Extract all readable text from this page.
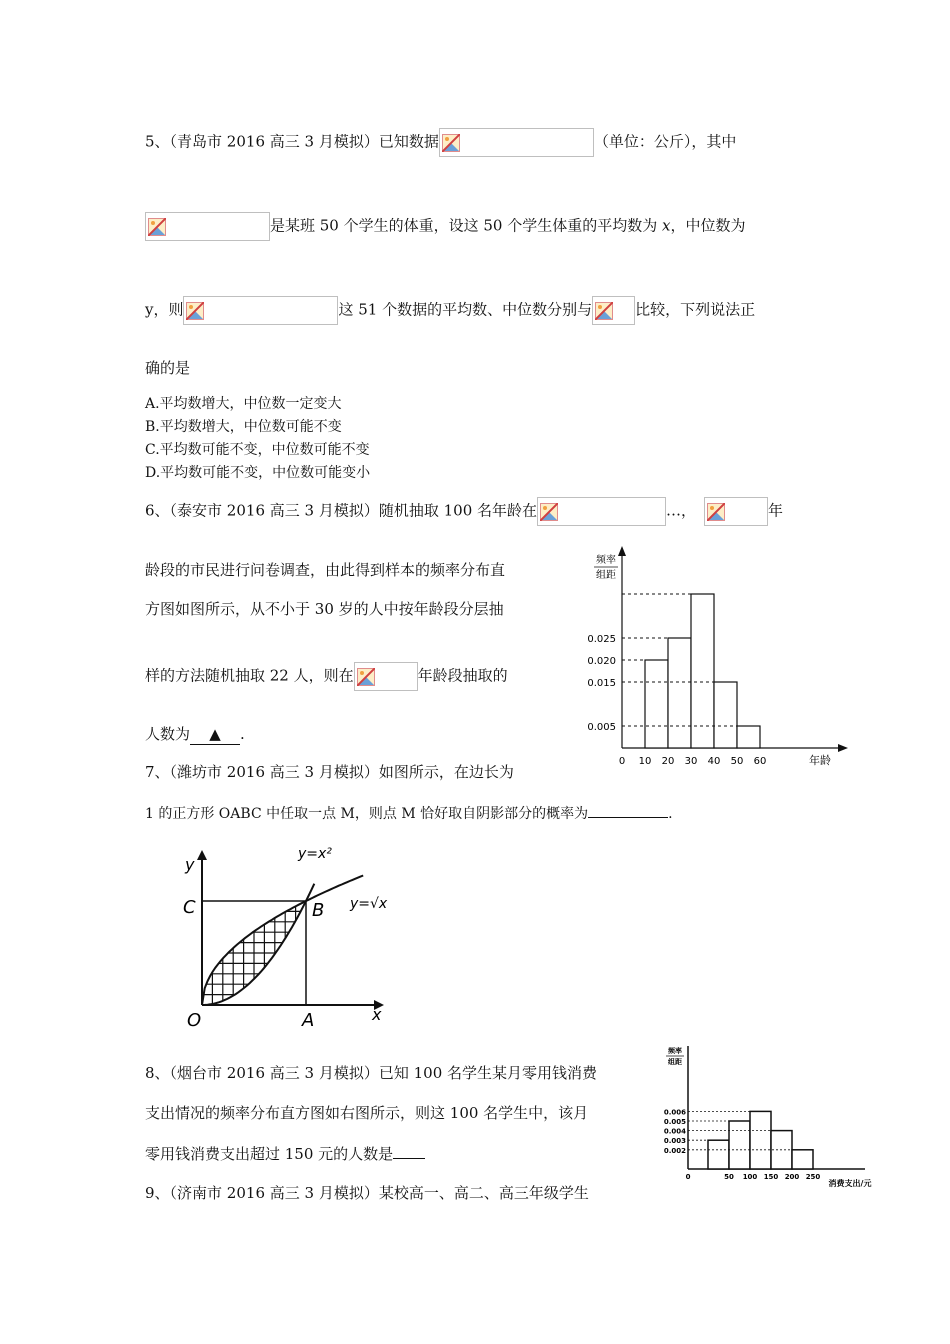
5、（青岛市 2016 高三 3 月模拟）已知数据	（单位：公斤），其中
是某班 50 个学生的体重，设这 50 个学生体重的平均数为 x，中位数为
y，则	这 51 个数据的平均数、中位数分别与	比较，下列说法正
确的是
A.平均数增大，中位数一定变大
B.平均数增大，中位数可能不变
C.平均数可能不变，中位数可能不变
D.平均数可能不变，中位数可能变小
6、（泰安市 2016 高三 3 月模拟）随机抽取 100 名年龄在	…，	年
龄段的市民进行问卷调查，由此得到样本的频率分布直
方图如图所示，从不小于 30 岁的人中按年龄段分层抽
样的方法随机抽取 22 人，则在	年龄段抽取的
人数为 ▲ .
0.025
0.020
0.015
0.005
0 10 20 30 40 50 60
频率
组距
年龄
7、（潍坊市 2016 高三 3 月模拟）如图所示，在边长为
1 的正方形 OABC 中任取一点 M，则点 M 恰好取自阴影部分的概率为	.
O	A
B
C
x
y
y=x²
y=√x
8、（烟台市 2016 高三 3 月模拟）已知 100 名学生某月零用钱消费
支出情况的频率分布直方图如右图所示，则这 100 名学生中，该月
零用钱消费支出超过 150 元的人数是
0.006
0.005
0.004
0.003
0.002
0	50 100 150 200 250
频率
组距
消费支出/元
9、（济南市 2016 高三 3 月模拟）某校高一、高二、高三年级学生
